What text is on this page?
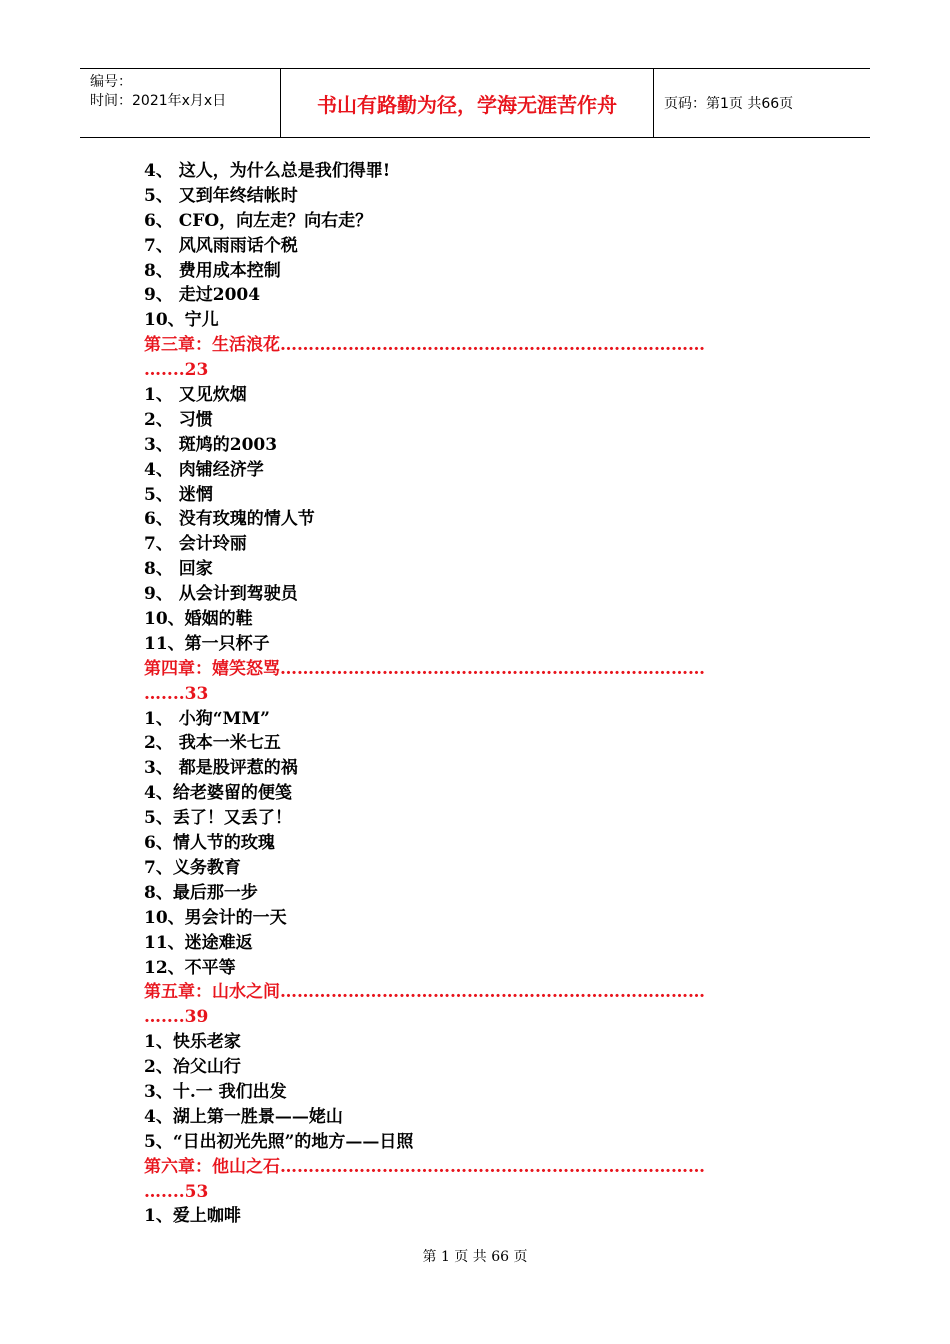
编号：
时间：2021年x月x日	书山有路勤为径，学海无涯苦作舟	页码：第1页 共66页
4、 这人，为什么总是我们得罪!
5、 又到年终结帐时
6、 CFO，向左走？向右走？
7、 风风雨雨话个税
8、 费用成本控制
9、 走过2004
10、宁儿
第三章：生活浪花…………………………………………………………………
…....23
1、 又见炊烟
2、 习惯
3、 斑鸠的2003
4、 肉铺经济学
5、 迷惘
6、 没有玫瑰的情人节
7、 会计玲丽
8、 回家
9、 从会计到驾驶员
10、婚姻的鞋
11、第一只杯子
第四章：嬉笑怒骂…………………………………………………………………
…....33
1、 小狗“MM”
2、 我本一米七五
3、 都是股评惹的祸
4、给老婆留的便笺
5、丢了！又丢了！
6、情人节的玫瑰
7、义务教育
8、最后那一步
10、男会计的一天
11、迷途难返
12、不平等
第五章：山水之间…………………………………………………………………
…....39
1、快乐老家
2、冶父山行
3、十.一 我们出发
4、湖上第一胜景——姥山
5、“日出初光先照”的地方——日照
第六章：他山之石…………………………………………………………………
…....53
1、爱上咖啡
第 1 页 共 66 页
